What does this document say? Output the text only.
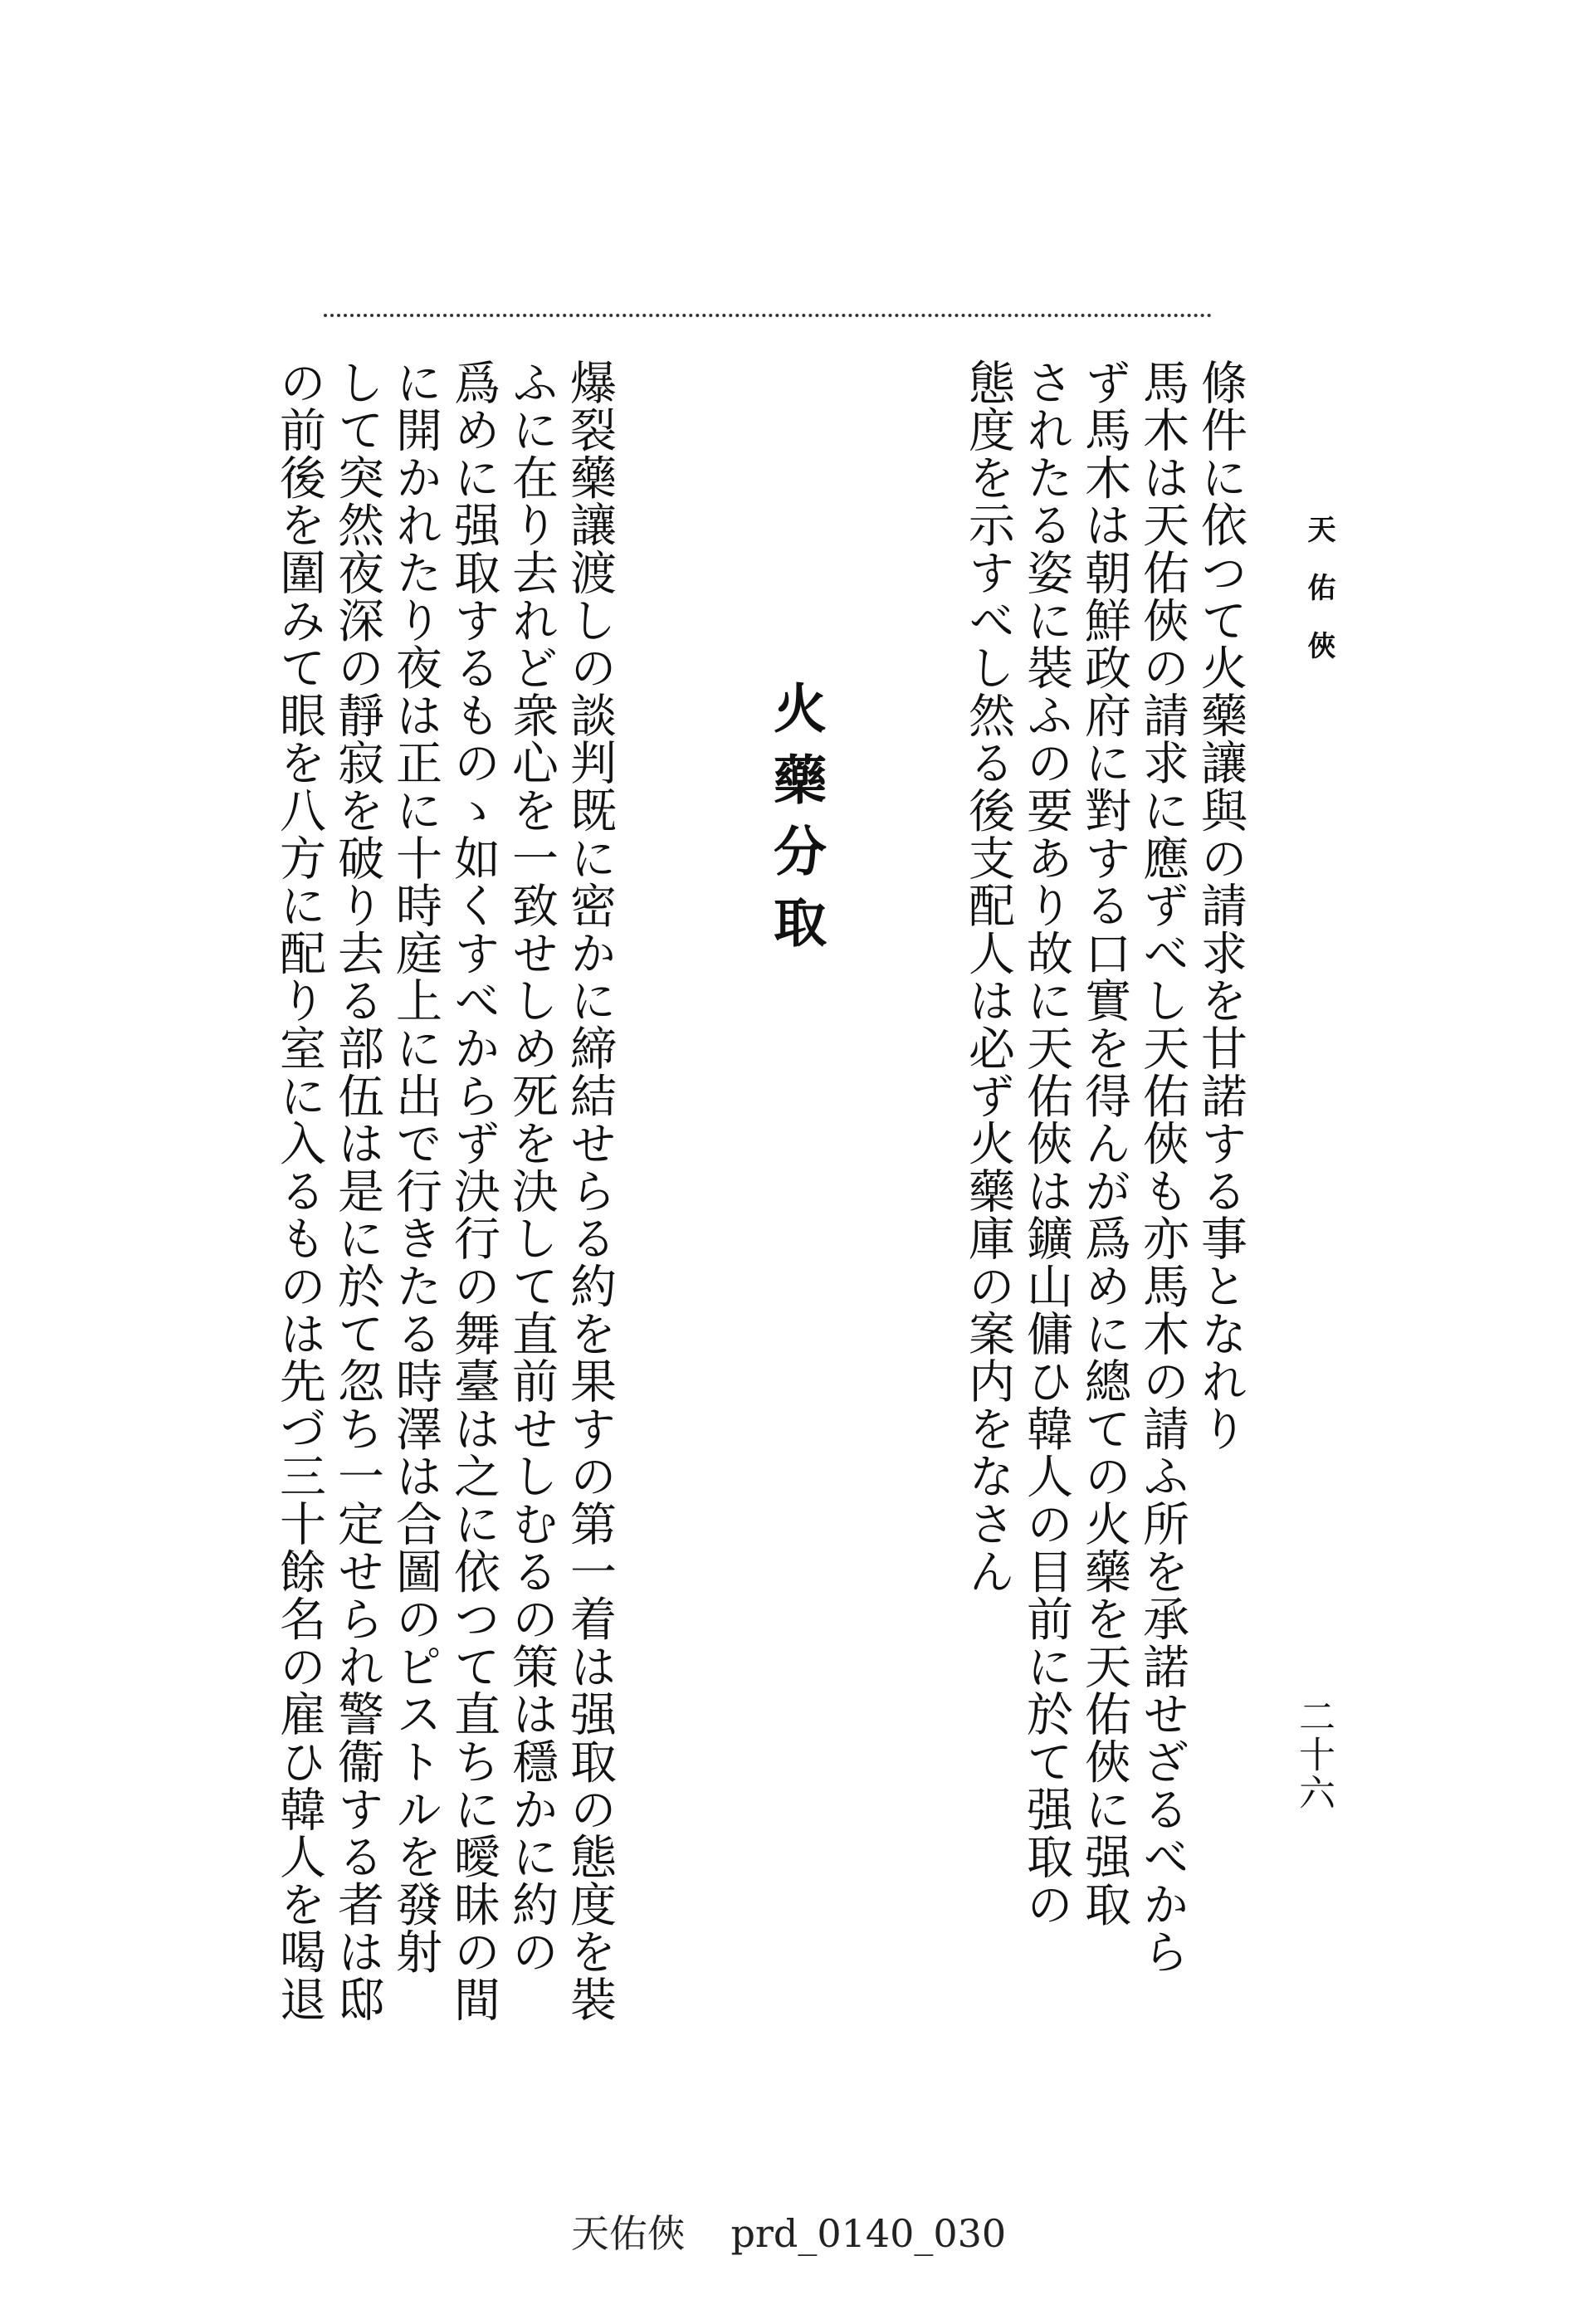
天佑俠
二十六

條件に依つて火藥讓與の請求を甘諾する事となれり

馬木は天佑俠の請求に應ずべし天佑俠も亦馬木の請ふ所を承諾せざるべから

ず馬木は朝鮮政府に對する口實を得んが爲めに總ての火藥を天佑俠に强取

されたる姿に裝ふの要あり故に天佑俠は鑛山傭ひ韓人の目前に於て强取の

態度を示すべし然る後支配人は必ず火藥庫の案内をなさん

火藥分取

爆裂藥讓渡しの談判既に密かに締結せらる約を果すの第一着は强取の態度を裝

ふに在り去れど衆心を一致せしめ死を決して直前せしむるの策は穩かに約の

爲めに强取するものゝ如くすべからず決行の舞臺は之に依つて直ちに曖昧の間

に開かれたり夜は正に十時庭上に出で行きたる時澤は合圖のピストルを發射

して突然夜深の靜寂を破り去る部伍は是に於て忽ち一定せられ警衞する者は邸

の前後を圍みて眼を八方に配り室に入るものは先づ三十餘名の雇ひ韓人を喝退

天佑俠 prd_0140_030
